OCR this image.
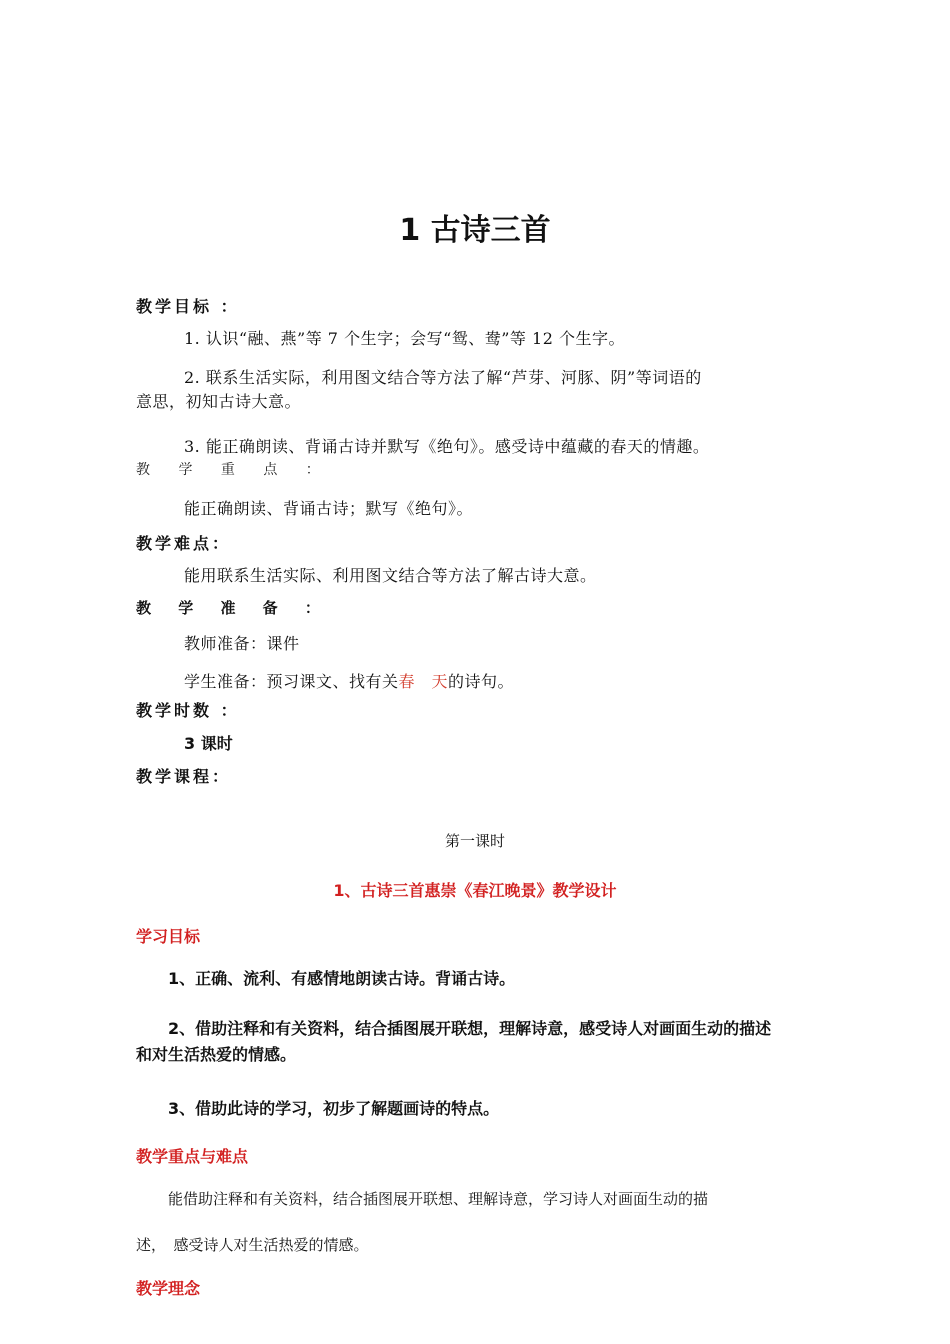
1 古诗三首
教学目标 ：
1. 认识“融、燕”等 7 个生字；会写“鸳、鸯”等 12 个生字。
2. 联系生活实际，利用图文结合等方法了解“芦芽、河豚、阴”等词语的
意思，初知古诗大意。
3. 能正确朗读、背诵古诗并默写《绝句》。感受诗中蕴藏的春天的情趣。
教 学 重 点 ：
能正确朗读、背诵古诗；默写《绝句》。
教学难点：
能用联系生活实际、利用图文结合等方法了解古诗大意。
教 学 准 备 ：
教师准备：课件
学生准备：预习课文、找有关春　天的诗句。
教学时数 ：
3 课时
教学课程：
第一课时
1、古诗三首惠崇《春江晚景》教学设计
学习目标
1、正确、流利、有感情地朗读古诗。背诵古诗。
2、借助注释和有关资料，结合插图展开联想，理解诗意，感受诗人对画面生动的描述
和对生活热爱的情感。
3、借助此诗的学习，初步了解题画诗的特点。
教学重点与难点
能借助注释和有关资料，结合插图展开联想、理解诗意，学习诗人对画面生动的描
述，　感受诗人对生活热爱的情感。
教学理念
